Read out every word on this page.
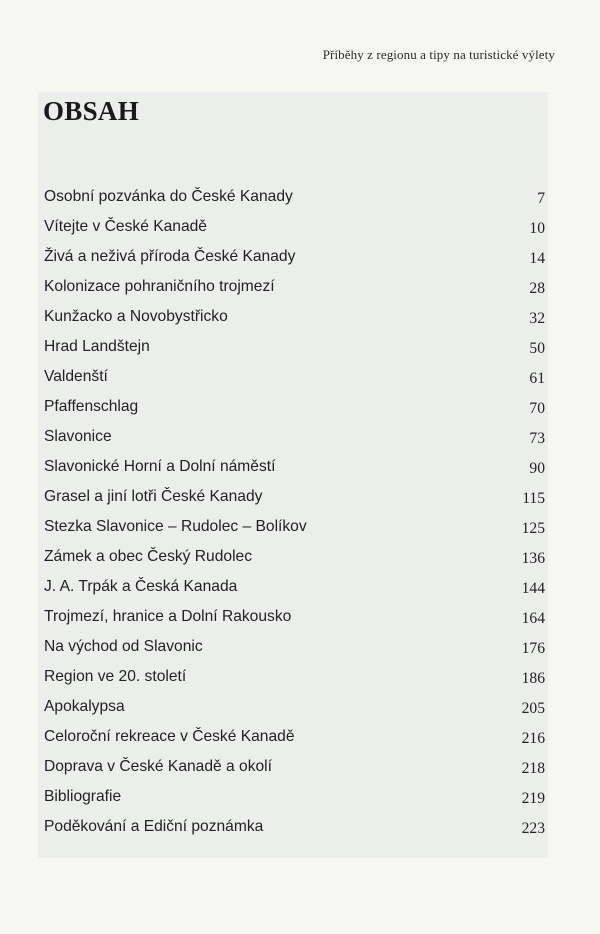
Příběhy z regionu a tipy na turistické výlety
OBSAH
Osobní pozvánka do České Kanady	7
Vítejte v České Kanadě	10
Živá a neživá příroda České Kanady	14
Kolonizace pohraničního trojmezí	28
Kunžacko a Novobystřicko	32
Hrad Landštejn	50
Valdenští	61
Pfaffenschlag	70
Slavonice	73
Slavonické Horní a Dolní náměstí	90
Grasel a jiní lotři České Kanady	115
Stezka Slavonice – Rudolec – Bolíkov	125
Zámek a obec Český Rudolec	136
J. A. Trpák a Česká Kanada	144
Trojmezí, hranice a Dolní Rakousko	164
Na východ od Slavonic	176
Region ve 20. století	186
Apokalypsa	205
Celoroční rekreace v České Kanadě	216
Doprava v České Kanadě a okolí	218
Bibliografie	219
Poděkování a Ediční poznámka	223
